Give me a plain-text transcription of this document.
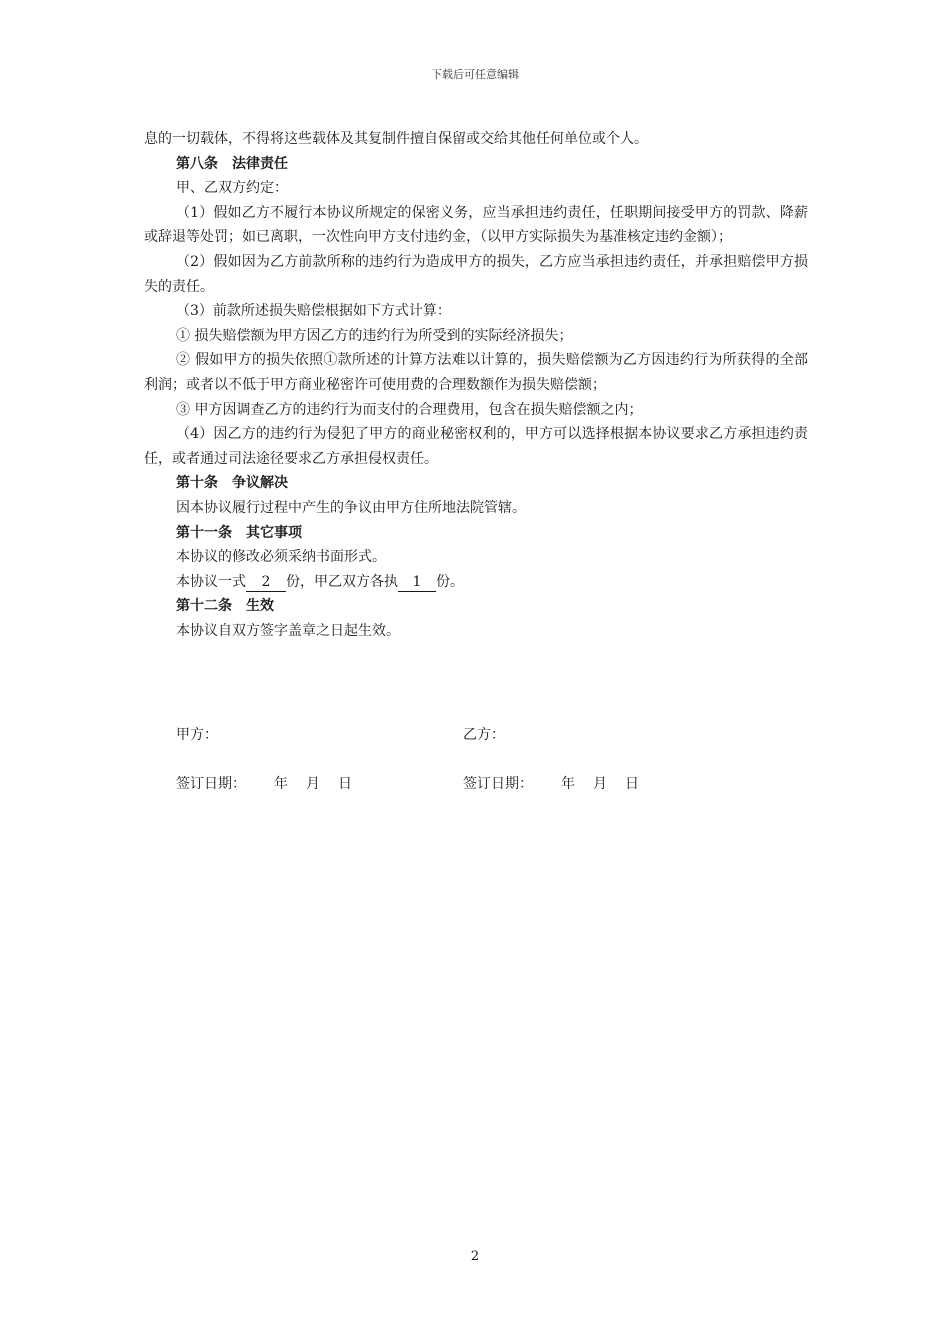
下载后可任意编辑

息的一切载体，不得将这些载体及其复制件擅自保留或交给其他任何单位或个人。

第八条　法律责任

甲、乙双方约定：

（1）假如乙方不履行本协议所规定的保密义务，应当承担违约责任，任职期间接受甲方的罚款、降薪或辞退等处罚；如已离职，一次性向甲方支付违约金，（以甲方实际损失为基准核定违约金额）；

（2）假如因为乙方前款所称的违约行为造成甲方的损失，乙方应当承担违约责任，并承担赔偿甲方损失的责任。

（3）前款所述损失赔偿根据如下方式计算：

① 损失赔偿额为甲方因乙方的违约行为所受到的实际经济损失；

② 假如甲方的损失依照①款所述的计算方法难以计算的，损失赔偿额为乙方因违约行为所获得的全部利润；或者以不低于甲方商业秘密许可使用费的合理数额作为损失赔偿额；

③ 甲方因调查乙方的违约行为而支付的合理费用，包含在损失赔偿额之内；

（4）因乙方的违约行为侵犯了甲方的商业秘密权利的，甲方可以选择根据本协议要求乙方承担违约责任，或者通过司法途径要求乙方承担侵权责任。

第十条　争议解决

因本协议履行过程中产生的争议由甲方住所地法院管辖。

第十一条　其它事项

本协议的修改必须采纳书面形式。

本协议一式 2 份，甲乙双方各执 1 份。

第十二条　生效

本协议自双方签字盖章之日起生效。

甲方：	乙方：
签订日期： 年 月 日	签订日期： 年 月 日
2
